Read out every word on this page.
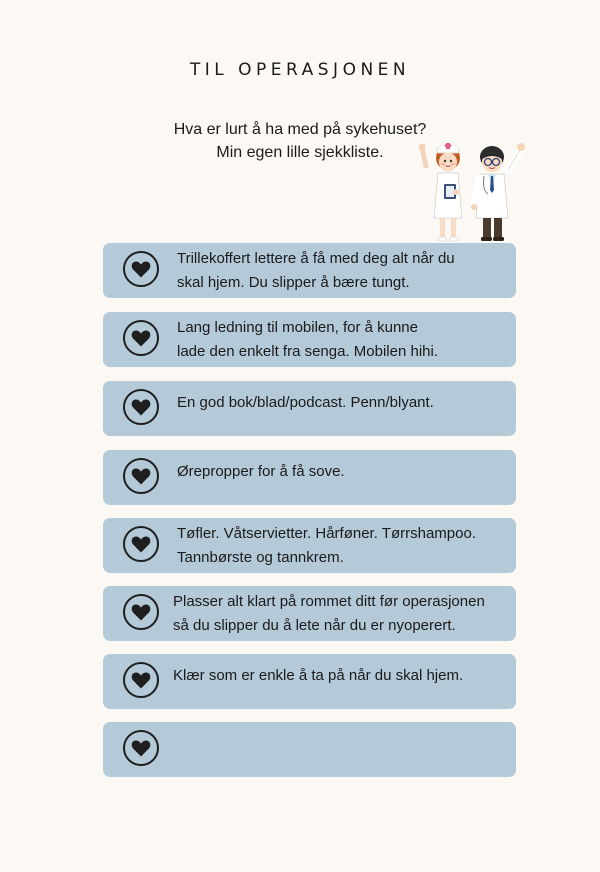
TIL OPERASJONEN
Hva er lurt å ha med på sykehuset?
Min egen lille sjekkliste.
Trillekoffert lettere å få med deg alt når du
skal hjem. Du slipper å bære tungt.
Lang ledning til mobilen, for å kunne
lade den enkelt fra senga. Mobilen hihi.
En god bok/blad/podcast. Penn/blyant.
Ørepropper for å få sove.
Tøfler. Våtservietter. Hårføner. Tørrshampoo.
Tannbørste og tannkrem.
Plasser alt klart på rommet ditt før operasjonen
så du slipper du å lete når du er nyoperert.
Klær som er enkle å ta på når du skal hjem.
